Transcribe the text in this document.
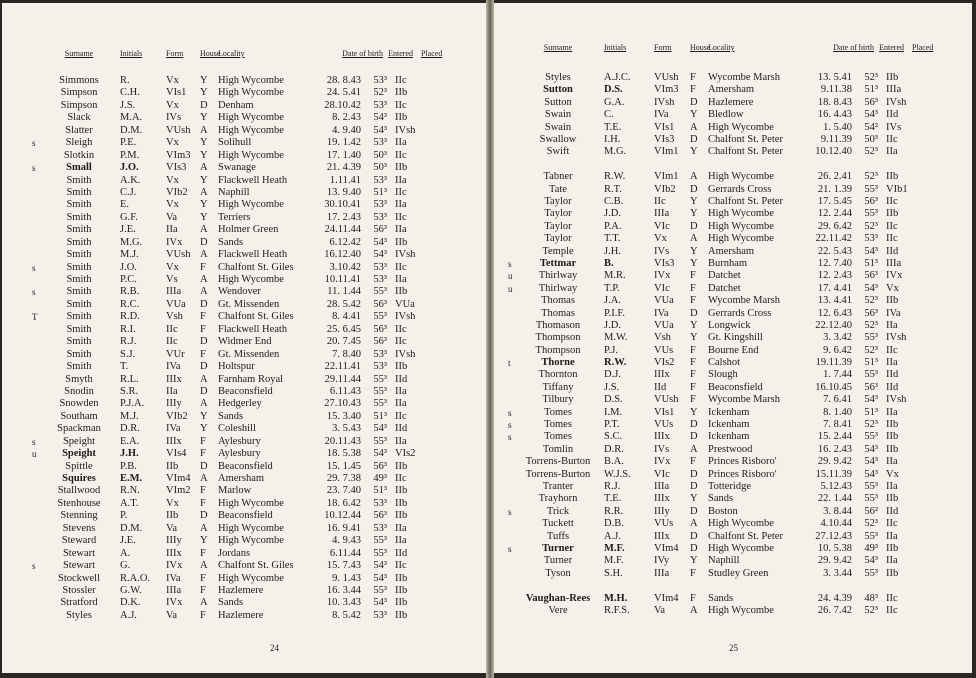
Surname	Initials	Form	House
Locality	Date of birth Entered	Placed
Simmons	R.	Vx	Y High Wycombe	28. 8.43	53³ IIc
Simpson	C.H.	VIs1	Y High Wycombe	24. 5.41	52³ IIb
Simpson	J.S.	Vx	D Denham	28.10.42	53³ IIc
Slack	M.A.	IVs	Y High Wycombe	8. 2.43	54³ IIb
Slatter	D.M.	VUsh A High Wycombe	4. 9.40	54³ IVsh
s	Sleigh	P.E.	Vx	Y Solihull	19. 1.42	53³ IIa
Slotkin	P.M.	VIm3 Y High Wycombe	17. 1.40	50³ IIc
s	Small	J.O.	VIs3	A Swanage	21. 4.39	50³ IIb
Smith	A.K.	Vx	Y Flackwell Heath	1.11.41	53³ IIa
Smith	C.J.	VIb2	A Naphill	13. 9.40	51³ IIc
Smith	E.	Vx	Y High Wycombe	30.10.41	53³ IIa
Smith	G.F.	Va	Y Terriers	17. 2.43	53³ IIc
Smith	J.E.	IIa	A Holmer Green	24.11.44	56³ IIa
Smith	M.G.	IVx	D Sands	6.12.42	54³ IIb
Smith	M.J.	VUsh A Flackwell Heath	16.12.40	54³ IVsh
s	Smith	J.O.	Vx	F	Chalfont St. Giles	3.10.42	53³ IIc
Smith	P.C.	Vs	A High Wycombe	10.11.41	53³ IIa
s	Smith	R.B.	IIIa	A Wendover	11. 1.44	55³ IIb
Smith	R.C.	VUa	D Gt. Missenden	28. 5.42	56³ VUa
T	Smith	R.D.	Vsh	F	Chalfont St. Giles	8. 4.41	55³ IVsh
Smith	R.I.	IIc	F	Flackwell Heath	25. 6.45	56³ IIc
Smith	R.J.	IIc	D Widmer End	20. 7.45	56³ IIc
Smith	S.J.	VUr	F	Gt. Missenden	7. 8.40	53³ IVsh
Smith	T.	IVa	D Holtspur	22.11.41	53³ IIb
Smyth	R.L.	IIIx	A Farnham Royal	29.11.44	55³ IId
Snodin	S.R.	IIa	D Beaconsfield	6.11.43	55³ IIa
Snowden	P.J.A.	IIIy	A Hedgerley	27.10.43	55³ IIa
Southam	M.J.	VIb2	Y Sands	15. 3.40	51³ IIc
Spackman	D.R.	IVa	Y Coleshill	3. 5.43	54³ IId
s	Speight	E.A.	IIIx	F	Aylesbury	20.11.43	55³ IIa
u	Speight	J.H.	VIs4	F	Aylesbury	18. 5.38	54³ VIs2
Spittle	P.B.	IIb	D Beaconsfield	15. 1.45	56³ IIb
Squires	E.M.	VIm4 A Amersham	29. 7.38	49³ IIc
Stallwood	R.N.	VIm2 F	Marlow	23. 7.40	51³ IIb
Stenhouse	A.T.	Vx	F	High Wycombe	18. 6.42	53³ IIb
Stenning	P.	IIb	D Beaconsfield	10.12.44	56³ IIb
Stevens	D.M.	Va	A High Wycombe	16. 9.41	53³ IIa
Steward	J.E.	IIIy	Y High Wycombe	4. 9.43	55³ IIa
Stewart	A.	IIIx	F	Jordans	6.11.44	55³ IId
s	Stewart	G.	IVx	A Chalfont St. Giles	15. 7.43	54³ IIc
Stockwell	R.A.O.	IVa	F	High Wycombe	9. 1.43	54³ IIb
Stossler	G.W.	IIIa	F	Hazlemere	16. 3.44	55³ IIb
Stratford	D.K.	IVx	A Sands	10. 3.43	54³ IIb
Styles	A.J.	Va	F	Hazlemere	8. 5.42	53³ IIb
24
Surname	Initials	Form	House
Locality	Date of birth Entered	Placed
Styles	A.J.C.	VUsh	F	Wycombe Marsh	13. 5.41	52³ IIb
Sutton	D.S.	VIm3	F	Amersham	9.11.38	51³ IIIa
Sutton	G.A.	IVsh	D Hazlemere	18. 8.43	56³ IVsh
Swain	C.	IVa	Y Bledlow	16. 4.43	54³ IId
Swain	T.E.	VIs1	A High Wycombe	1. 5.40	54² IVs
Swallow	I.H.	VIs3	D Chalfont St. Peter	9.11.39	50³ IIc
Swift	M.G.	VIm1	Y Chalfont St. Peter	10.12.40	52³ IIa
Tabner	R.W.	VIm1	A High Wycombe	26. 2.41	52³ IIb
Tate	R.T.	VIb2	D Gerrards Cross	21. 1.39	55³ VIb1
Taylor	C.B.	IIc	Y Chalfont St. Peter	17. 5.45	56³ IIc
Taylor	J.D.	IIIa	Y High Wycombe	12. 2.44	55³ IIb
Taylor	P.A.	VIc	D High Wycombe	29. 6.42	52³ IIc
Taylor	T.T.	Vx	A High Wycombe	22.11.42	53³ IIc
Temple	J.H.	IVs	Y Amersham	22. 5.43	54³ IId
s	Tettmar	B.	VIs3	Y Burnham	12. 7.40	51³ IIIa
u	Thirlway	M.R.	IVx	F	Datchet	12. 2.43	56³ IVx
u	Thirlway	T.P.	VIc	F	Datchet	17. 4.41	54³ Vx
Thomas	J.A.	VUa	F	Wycombe Marsh	13. 4.41	52³ IIb
Thomas	P.I.F.	IVa	D Gerrards Cross	12. 6.43	56³ IVa
Thomason	J.D.	VUa	Y Longwick	22.12.40	52³ IIa
Thompson	M.W.	Vsh	Y Gt. Kingshill	3. 3.42	55³ IVsh
Thompson	P.J.	VUs	F	Bourne End	9. 6.42	52³ IIc
t	Thorne	R.W.	VIs2	F	Calshot	19.11.39	51³ IIa
Thornton	D.J.	IIIx	F	Slough	1. 7.44	55³ IId
Tiffany	J.S.	IId	F	Beaconsfield	16.10.45	56³ IId
Tilbury	D.S.	VUsh	F	Wycombe Marsh	7. 6.41	54³ IVsh
s	Tomes	I.M.	VIs1	Y Ickenham	8. 1.40	51³ IIa
s	Tomes	P.T.	VUs	D Ickenham	7. 8.41	52³ IIb
s	Tomes	S.C.	IIIx	D Ickenham	15. 2.44	55³ IIb
Tomlin	D.R.	IVs	A Prestwood	16. 2.43	54³ IIb
Torrens-Burton	B.A.	IVx	F	Princes Risboro'	29. 9.42	54³ IIa
Torrens-Burton	W.J.S.	VIc	D Princes Risboro'	15.11.39	54³ Vx
Tranter	R.J.	IIIa	D Totteridge	5.12.43	55³ IIa
Trayhorn	T.E.	IIIx	Y Sands	22. 1.44	55³ IIb
s	Trick	R.R.	IIIy	D Boston	3. 8.44	56² IId
Tuckett	D.B.	VUs	A High Wycombe	4.10.44	52³ IIc
Tuffs	A.J.	IIIx	D Chalfont St. Peter	27.12.43	55³ IIa
s	Turner	M.F.	VIm4	D High Wycombe	10. 5.38	49³ IIb
Turner	M.F.	IVy	Y Naphill	29. 9.42	54³ IIa
Tyson	S.H.	IIIa	F	Studley Green	3. 3.44	55³ IIb
Vaughan-Rees	M.H.	VIm4	F	Sands	24. 4.39	48³ IIc
Vere	R.F.S.	Va	A High Wycombe	26. 7.42	52³ IIc
25
